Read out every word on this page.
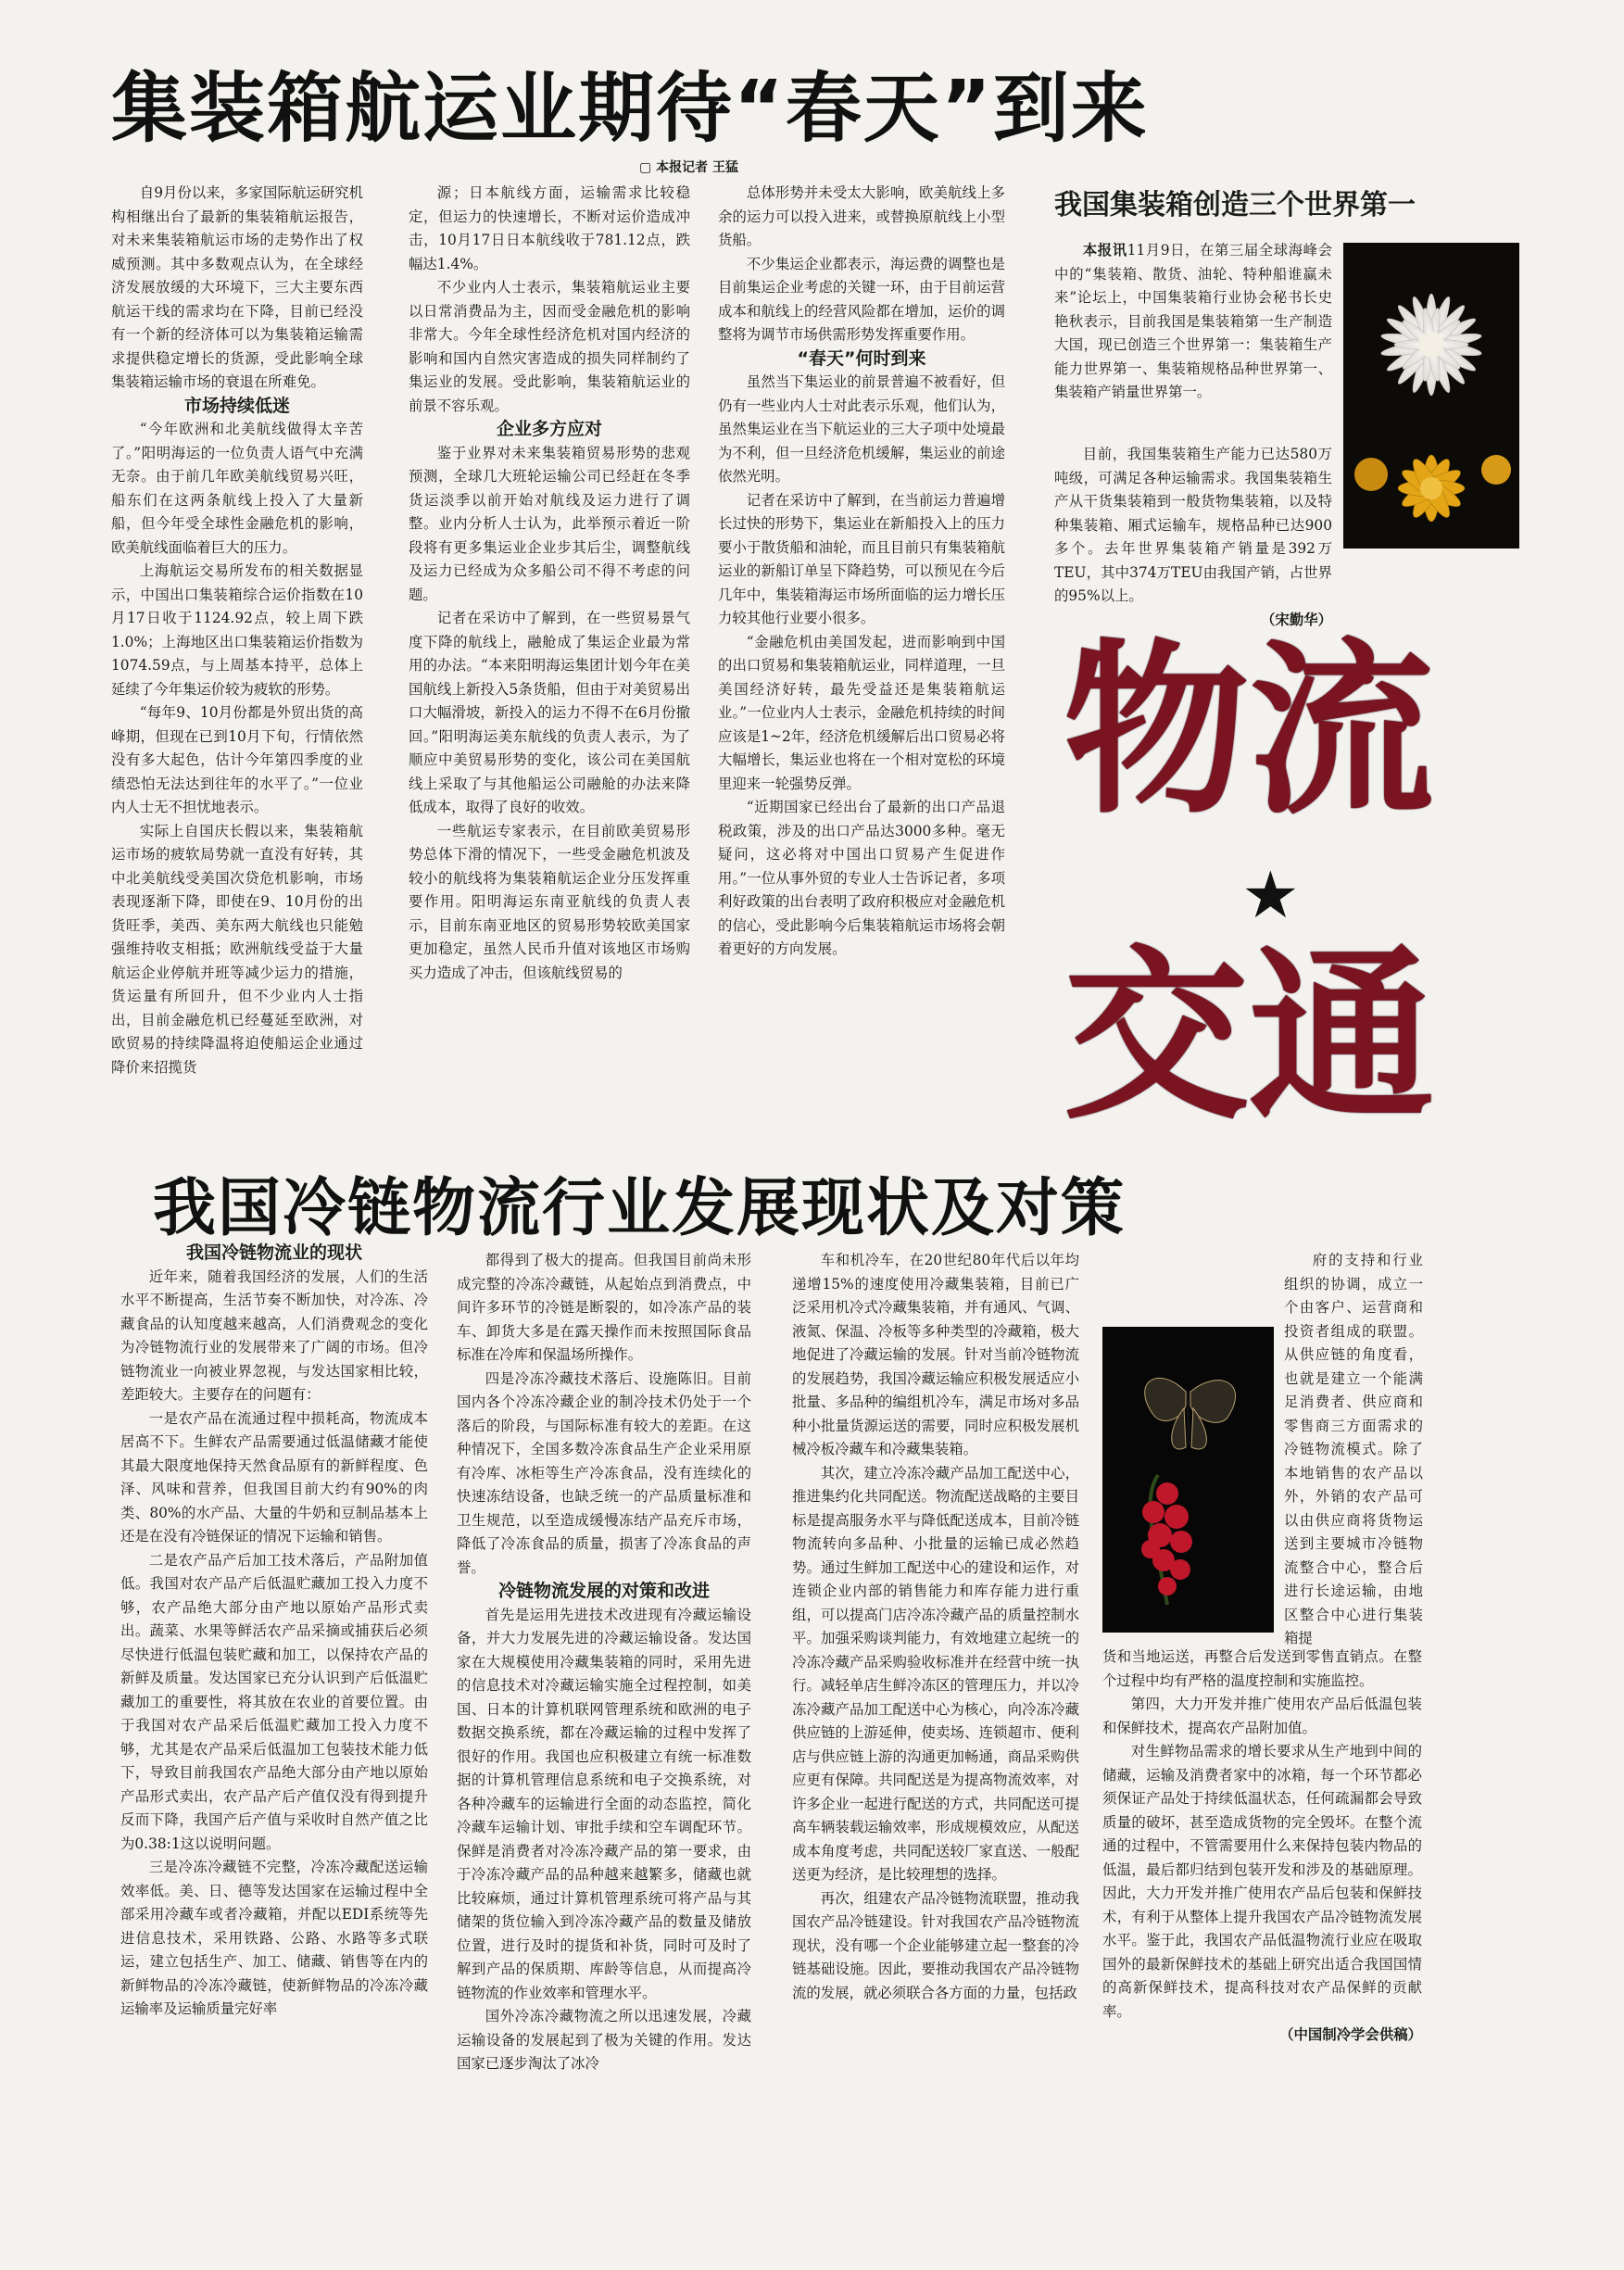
集装箱航运业期待“春天”到来
▢ 本报记者 王猛

自9月份以来，多家国际航运研究机构相继出台了最新的集装箱航运报告，对未来集装箱航运市场的走势作出了权威预测。其中多数观点认为，在全球经济发展放缓的大环境下，三大主要东西航运干线的需求均在下降，目前已经没有一个新的经济体可以为集装箱运输需求提供稳定增长的货源，受此影响全球集装箱运输市场的衰退在所难免。

市场持续低迷

“今年欧洲和北美航线做得太辛苦了。”阳明海运的一位负责人语气中充满无奈。由于前几年欧美航线贸易兴旺，船东们在这两条航线上投入了大量新船，但今年受全球性金融危机的影响，欧美航线面临着巨大的压力。

上海航运交易所发布的相关数据显示，中国出口集装箱综合运价指数在10月17日收于1124.92点，较上周下跌1.0%；上海地区出口集装箱运价指数为1074.59点，与上周基本持平，总体上延续了今年集运价较为疲软的形势。

“每年9、10月份都是外贸出货的高峰期，但现在已到10月下旬，行情依然没有多大起色，估计今年第四季度的业绩恐怕无法达到往年的水平了。”一位业内人士无不担忧地表示。

实际上自国庆长假以来，集装箱航运市场的疲软局势就一直没有好转，其中北美航线受美国次贷危机影响，市场表现逐渐下降，即使在9、10月份的出货旺季，美西、美东两大航线也只能勉强维持收支相抵；欧洲航线受益于大量航运企业停航并班等减少运力的措施，货运量有所回升，但不少业内人士指出，目前金融危机已经蔓延至欧洲，对欧贸易的持续降温将迫使船运企业通过降价来招揽货

源；日本航线方面，运输需求比较稳定，但运力的快速增长，不断对运价造成冲击，10月17日日本航线收于781.12点，跌幅达1.4%。

不少业内人士表示，集装箱航运业主要以日常消费品为主，因而受金融危机的影响非常大。今年全球性经济危机对国内经济的影响和国内自然灾害造成的损失同样制约了集运业的发展。受此影响，集装箱航运业的前景不容乐观。

企业多方应对

鉴于业界对未来集装箱贸易形势的悲观预测，全球几大班轮运输公司已经赶在冬季货运淡季以前开始对航线及运力进行了调整。业内分析人士认为，此举预示着近一阶段将有更多集运业企业步其后尘，调整航线及运力已经成为众多船公司不得不考虑的问题。

记者在采访中了解到，在一些贸易景气度下降的航线上，融舱成了集运企业最为常用的办法。“本来阳明海运集团计划今年在美国航线上新投入5条货船，但由于对美贸易出口大幅滑坡，新投入的运力不得不在6月份撤回。”阳明海运美东航线的负责人表示，为了顺应中美贸易形势的变化，该公司在美国航线上采取了与其他船运公司融舱的办法来降低成本，取得了良好的收效。

一些航运专家表示，在目前欧美贸易形势总体下滑的情况下，一些受金融危机波及较小的航线将为集装箱航运企业分压发挥重要作用。阳明海运东南亚航线的负责人表示，目前东南亚地区的贸易形势较欧美国家更加稳定，虽然人民币升值对该地区市场购买力造成了冲击，但该航线贸易的

总体形势并未受太大影响，欧美航线上多余的运力可以投入进来，或替换原航线上小型货船。

不少集运企业都表示，海运费的调整也是目前集运企业考虑的关键一环，由于目前运营成本和航线上的经营风险都在增加，运价的调整将为调节市场供需形势发挥重要作用。

“春天”何时到来

虽然当下集运业的前景普遍不被看好，但仍有一些业内人士对此表示乐观，他们认为，虽然集运业在当下航运业的三大子项中处境最为不利，但一旦经济危机缓解，集运业的前途依然光明。

记者在采访中了解到，在当前运力普遍增长过快的形势下，集运业在新船投入上的压力要小于散货船和油轮，而且目前只有集装箱航运业的新船订单呈下降趋势，可以预见在今后几年中，集装箱海运市场所面临的运力增长压力较其他行业要小很多。

“金融危机由美国发起，进而影响到中国的出口贸易和集装箱航运业，同样道理，一旦美国经济好转，最先受益还是集装箱航运业。”一位业内人士表示，金融危机持续的时间应该是1~2年，经济危机缓解后出口贸易必将大幅增长，集运业也将在一个相对宽松的环境里迎来一轮强势反弹。

“近期国家已经出台了最新的出口产品退税政策，涉及的出口产品达3000多种。毫无疑问，这必将对中国出口贸易产生促进作用。”一位从事外贸的专业人士告诉记者，多项利好政策的出台表明了政府积极应对金融危机的信心，受此影响今后集装箱航运市场将会朝着更好的方向发展。

我国集装箱创造三个世界第一

本报讯11月9日，在第三届全球海峰会中的“集装箱、散货、油轮、特种船谁赢未来”论坛上，中国集装箱行业协会秘书长史艳秋表示，目前我国是集装箱第一生产制造大国，现已创造三个世界第一：集装箱生产能力世界第一、集装箱规格品种世界第一、集装箱产销量世界第一。

目前，我国集装箱生产能力已达580万吨级，可满足各种运输需求。我国集装箱生产从干货集装箱到一般货物集装箱，以及特种集装箱、厢式运输车，规格品种已达900多个。去年世界集装箱产销量是392万TEU，其中374万TEU由我国产销，占世界的95%以上。

（宋勤华）

物流
★
交通
我国冷链物流行业发展现状及对策

我国冷链物流业的现状

近年来，随着我国经济的发展，人们的生活水平不断提高，生活节奏不断加快，对冷冻、冷藏食品的认知度越来越高，人们消费观念的变化为冷链物流行业的发展带来了广阔的市场。但冷链物流业一向被业界忽视，与发达国家相比较，差距较大。主要存在的问题有：

一是农产品在流通过程中损耗高，物流成本居高不下。生鲜农产品需要通过低温储藏才能使其最大限度地保持天然食品原有的新鲜程度、色泽、风味和营养，但我国目前大约有90%的肉类、80%的水产品、大量的牛奶和豆制品基本上还是在没有冷链保证的情况下运输和销售。

二是农产品产后加工技术落后，产品附加值低。我国对农产品产后低温贮藏加工投入力度不够，农产品绝大部分由产地以原始产品形式卖出。蔬菜、水果等鲜活农产品采摘或捕获后必须尽快进行低温包装贮藏和加工，以保持农产品的新鲜及质量。发达国家已充分认识到产后低温贮藏加工的重要性，将其放在农业的首要位置。由于我国对农产品采后低温贮藏加工投入力度不够，尤其是农产品采后低温加工包装技术能力低下，导致目前我国农产品绝大部分由产地以原始产品形式卖出，农产品产后产值仅没有得到提升反而下降，我国产后产值与采收时自然产值之比为0.38:1这以说明问题。

三是冷冻冷藏链不完整，冷冻冷藏配送运输效率低。美、日、德等发达国家在运输过程中全部采用冷藏车或者冷藏箱，并配以EDI系统等先进信息技术，采用铁路、公路、水路等多式联运，建立包括生产、加工、储藏、销售等在内的新鲜物品的冷冻冷藏链，使新鲜物品的冷冻冷藏运输率及运输质量完好率

都得到了极大的提高。但我国目前尚未形成完整的冷冻冷藏链，从起始点到消费点，中间许多环节的冷链是断裂的，如冷冻产品的装车、卸货大多是在露天操作而未按照国际食品标准在冷库和保温场所操作。

四是冷冻冷藏技术落后、设施陈旧。目前国内各个冷冻冷藏企业的制冷技术仍处于一个落后的阶段，与国际标准有较大的差距。在这种情况下，全国多数冷冻食品生产企业采用原有冷库、冰柜等生产冷冻食品，没有连续化的快速冻结设备，也缺乏统一的产品质量标准和卫生规范，以至造成缓慢冻结产品充斥市场，降低了冷冻食品的质量，损害了冷冻食品的声誉。

冷链物流发展的对策和改进

首先是运用先进技术改进现有冷藏运输设备，并大力发展先进的冷藏运输设备。发达国家在大规模使用冷藏集装箱的同时，采用先进的信息技术对冷藏运输实施全过程控制，如美国、日本的计算机联网管理系统和欧洲的电子数据交换系统，都在冷藏运输的过程中发挥了很好的作用。我国也应积极建立有统一标准数据的计算机管理信息系统和电子交换系统，对各种冷藏车的运输进行全面的动态监控，简化冷藏车运输计划、审批手续和空车调配环节。保鲜是消费者对冷冻冷藏产品的第一要求，由于冷冻冷藏产品的品种越来越繁多，储藏也就比较麻烦，通过计算机管理系统可将产品与其储架的货位输入到冷冻冷藏产品的数量及储放位置，进行及时的提货和补货，同时可及时了解到产品的保质期、库龄等信息，从而提高冷链物流的作业效率和管理水平。

国外冷冻冷藏物流之所以迅速发展，冷藏运输设备的发展起到了极为关键的作用。发达国家已逐步淘汰了冰冷

车和机冷车，在20世纪80年代后以年均递增15%的速度使用冷藏集装箱，目前已广泛采用机冷式冷藏集装箱，并有通风、气调、液氮、保温、冷板等多种类型的冷藏箱，极大地促进了冷藏运输的发展。针对当前冷链物流的发展趋势，我国冷藏运输应积极发展适应小批量、多品种的编组机冷车，满足市场对多品种小批量货源运送的需要，同时应积极发展机械冷板冷藏车和冷藏集装箱。

其次，建立冷冻冷藏产品加工配送中心，推进集约化共同配送。物流配送战略的主要目标是提高服务水平与降低配送成本，目前冷链物流转向多品种、小批量的运输已成必然趋势。通过生鲜加工配送中心的建设和运作，对连锁企业内部的销售能力和库存能力进行重组，可以提高门店冷冻冷藏产品的质量控制水平。加强采购谈判能力，有效地建立起统一的冷冻冷藏产品采购验收标准并在经营中统一执行。减轻单店生鲜冷冻区的管理压力，并以冷冻冷藏产品加工配送中心为核心，向冷冻冷藏供应链的上游延伸，使卖场、连锁超市、便利店与供应链上游的沟通更加畅通，商品采购供应更有保障。共同配送是为提高物流效率，对许多企业一起进行配送的方式，共同配送可提高车辆装载运输效率，形成规模效应，从配送成本角度考虑，共同配送较厂家直送、一般配送更为经济，是比较理想的选择。

再次，组建农产品冷链物流联盟，推动我国农产品冷链建设。针对我国农产品冷链物流现状，没有哪一个企业能够建立起一整套的冷链基础设施。因此，要推动我国农产品冷链物流的发展，就必须联合各方面的力量，包括政

府的支持和行业组织的协调，成立一个由客户、运营商和投资者组成的联盟。从供应链的角度看，也就是建立一个能满足消费者、供应商和零售商三方面需求的冷链物流模式。除了本地销售的农产品以外，外销的农产品可以由供应商将货物运送到主要城市冷链物流整合中心，整合后进行长途运输，由地区整合中心进行集装箱提

货和当地运送，再整合后发送到零售直销点。在整个过程中均有严格的温度控制和实施监控。

第四，大力开发并推广使用农产品后低温包装和保鲜技术，提高农产品附加值。

对生鲜物品需求的增长要求从生产地到中间的储藏，运输及消费者家中的冰箱，每一个环节都必须保证产品处于持续低温状态，任何疏漏都会导致质量的破坏，甚至造成货物的完全毁坏。在整个流通的过程中，不管需要用什么来保持包装内物品的低温，最后都归结到包装开发和涉及的基础原理。因此，大力开发并推广使用农产品后包装和保鲜技术，有利于从整体上提升我国农产品冷链物流发展水平。鉴于此，我国农产品低温物流行业应在吸取国外的最新保鲜技术的基础上研究出适合我国国情的高新保鲜技术，提高科技对农产品保鲜的贡献率。

（中国制冷学会供稿）
